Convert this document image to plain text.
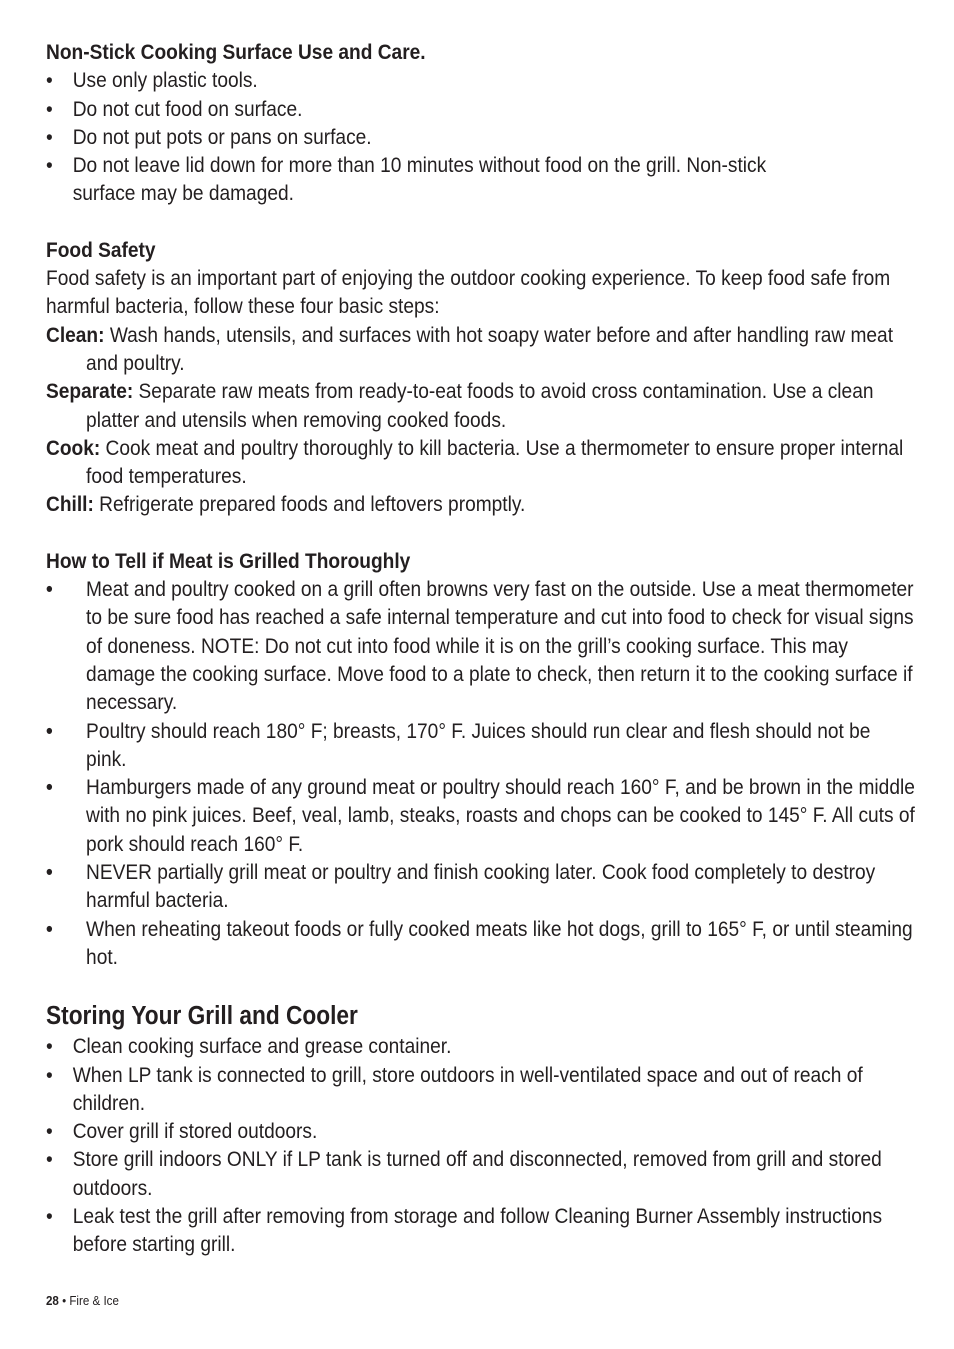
Non-Stick Cooking Surface Use and Care.
• Use only plastic tools.
• Do not cut food on surface.
• Do not put pots or pans on surface.
• Do not leave lid down for more than 10 minutes without food on the grill. Non-stick surface may be damaged.
Food Safety

Food safety is an important part of enjoying the outdoor cooking experience. To keep food safe from harmful bacteria, follow these four basic steps:

Clean: Wash hands, utensils, and surfaces with hot soapy water before and after handling raw meat and poultry.

Separate: Separate raw meats from ready-to-eat foods to avoid cross contamination. Use a clean platter and utensils when removing cooked foods.

Cook: Cook meat and poultry thoroughly to kill bacteria. Use a thermometer to ensure proper internal food temperatures.

Chill: Refrigerate prepared foods and leftovers promptly.

How to Tell if Meat is Grilled Thoroughly
• Meat and poultry cooked on a grill often browns very fast on the outside. Use a meat thermometer to be sure food has reached a safe internal temperature and cut into food to check for visual signs of doneness. NOTE: Do not cut into food while it is on the grill’s cooking surface. This may damage the cooking surface. Move food to a plate to check, then return it to the cooking surface if necessary.
• Poultry should reach 180° F; breasts, 170° F. Juices should run clear and flesh should not be pink.
• Hamburgers made of any ground meat or poultry should reach 160° F, and be brown in the middle with no pink juices. Beef, veal, lamb, steaks, roasts and chops can be cooked to 145° F. All cuts of pork should reach 160° F.
• NEVER partially grill meat or poultry and finish cooking later. Cook food completely to destroy harmful bacteria.
• When reheating takeout foods or fully cooked meats like hot dogs, grill to 165° F, or until steaming hot.
Storing Your Grill and Cooler
• Clean cooking surface and grease container.
• When LP tank is connected to grill, store outdoors in well-ventilated space and out of reach of children.
• Cover grill if stored outdoors.
• Store grill indoors ONLY if LP tank is turned off and disconnected, removed from grill and stored outdoors.
• Leak test the grill after removing from storage and follow Cleaning Burner Assembly instructions before starting grill.
28 • Fire & Ice
